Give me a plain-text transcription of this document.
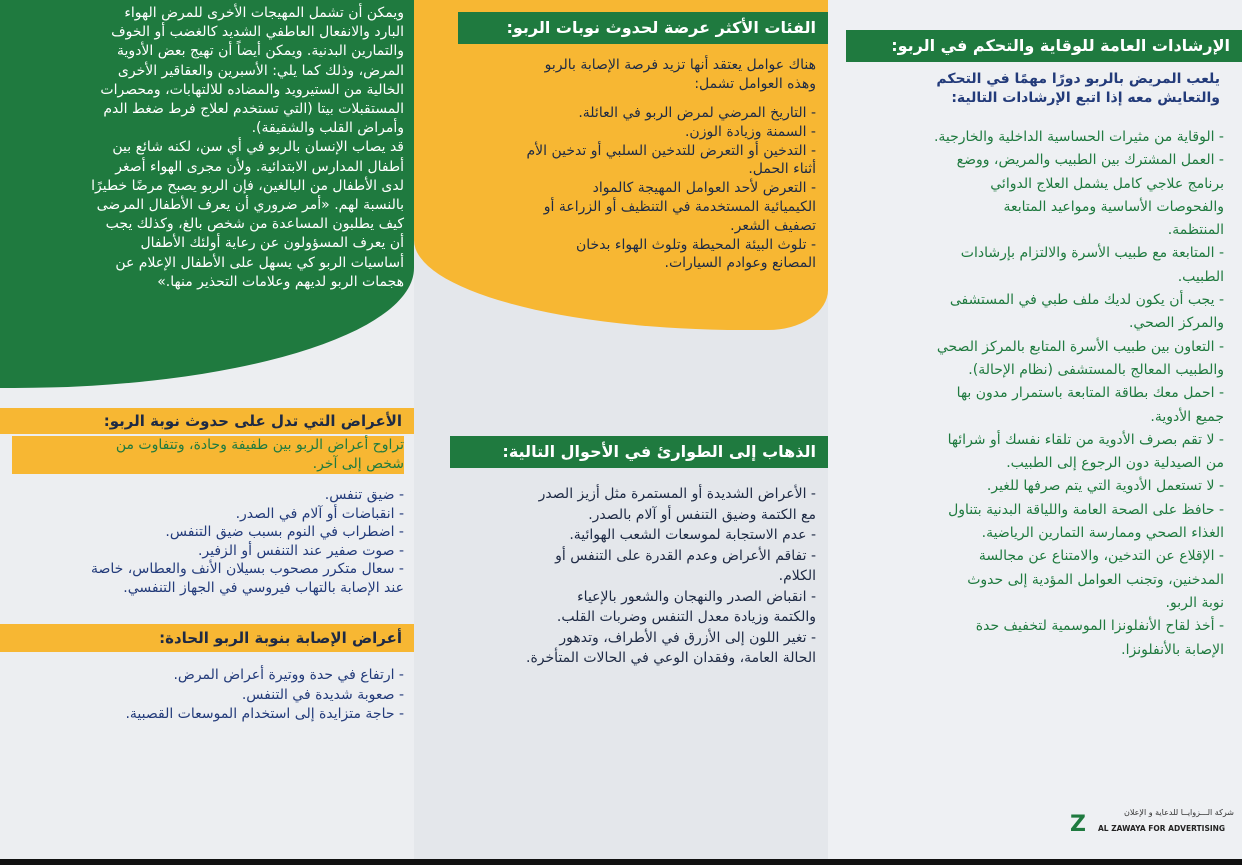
ويمكن أن تشمل المهيجات الأخرى للمرض الهواء
البارد والانفعال العاطفي الشديد كالغضب أو الخوف
والتمارين البدنية. ويمكن أيضاً أن تهيج بعض الأدوية
المرض، وذلك كما يلي: الأسبرين والعقاقير الأخرى
الخالية من الستيرويد والمضاده للالتهابات، ومحصرات
المستقبلات بيتا (التي تستخدم لعلاج فرط ضغط الدم
وأمراض القلب والشقيقة).
قد يصاب الإنسان بالربو في أي سن، لكنه شائع بين
أطفال المدارس الابتدائية. ولأن مجرى الهواء أصغر
لدى الأطفال من البالغين، فإن الربو يصبح مرضًا خطيرًا
بالنسبة لهم. «أمر ضروري أن يعرف الأطفال المرضى
كيف يطلبون المساعدة من شخص بالغ، وكذلك يجب
أن يعرف المسؤولون عن رعاية أولئك الأطفال
أساسيات الربو كي يسهل على الأطفال الإعلام عن
هجمات الربو لديهم وعلامات التحذير منها.»
الأعراض التي تدل على حدوث نوبة الربو:
تراوح أعراض الربو بين طفيفة وحادة، وتتفاوت من
شخص إلى آخر.
- ضيق تنفس.
- انقباضات أو آلام في الصدر.
- اضطراب في النوم بسبب ضيق التنفس.
- صوت صفير عند التنفس أو الزفير.
- سعال متكرر مصحوب بسيلان الأنف والعطاس، خاصة
عند الإصابة بالتهاب فيروسي في الجهاز التنفسي.
أعراض الإصابة بنوبة الربو الحادة:
- ارتفاع في حدة ووتيرة أعراض المرض.
- صعوبة شديدة في التنفس.
- حاجة متزايدة إلى استخدام الموسعات القصبية.
الفئات الأكثر عرضة لحدوث نوبات الربو:
هناك عوامل يعتقد أنها تزيد فرصة الإصابة بالربو
وهذه العوامل تشمل:
- التاريخ المرضي لمرض الربو في العائلة.
- السمنة وزيادة الوزن.
- التدخين أو التعرض للتدخين السلبي أو تدخين الأم
أثناء الحمل.
- التعرض لأحد العوامل المهيجة كالمواد
الكيميائية المستخدمة في التنظيف أو الزراعة أو
تصفيف الشعر.
- تلوث البيئة المحيطة وتلوث الهواء بدخان
المصانع وعوادم السيارات.
الذهاب إلى الطوارئ في الأحوال التالية:
- الأعراض الشديدة أو المستمرة مثل أزيز الصدر
مع الكتمة وضيق التنفس أو آلام بالصدر.
- عدم الاستجابة لموسعات الشعب الهوائية.
- تفاقم الأعراض وعدم القدرة على التنفس أو
الكلام.
- انقباض الصدر والنهجان والشعور بالإعياء
والكتمة وزيادة معدل التنفس وضربات القلب.
- تغير اللون إلى الأزرق في الأطراف، وتدهور
الحالة العامة، وفقدان الوعي في الحالات المتأخرة.
الإرشادات العامة للوقاية والتحكم في الربو:
يلعب المريض بالربو دورًا مهمًا في التحكم
والتعايش معه إذا اتبع الإرشادات التالية:
- الوقاية من مثيرات الحساسية الداخلية والخارجية.
- العمل المشترك بين الطبيب والمريض، ووضع
برنامج علاجي كامل يشمل العلاج الدوائي
والفحوصات الأساسية ومواعيد المتابعة
المنتظمة.
- المتابعة مع طبيب الأسرة والالتزام بإرشادات
الطبيب.
- يجب أن يكون لديك ملف طبي في المستشفى
والمركز الصحي.
- التعاون بين طبيب الأسرة المتابع بالمركز الصحي
والطبيب المعالج بالمستشفى (نظام الإحالة).
- احمل معك بطاقة المتابعة باستمرار مدون بها
جميع الأدوية.
- لا تقم بصرف الأدوية من تلقاء نفسك أو شرائها
من الصيدلية دون الرجوع إلى الطبيب.
- لا تستعمل الأدوية التي يتم صرفها للغير.
- حافظ على الصحة العامة واللياقة البدنية بتناول
الغذاء الصحي وممارسة التمارين الرياضية.
- الإقلاع عن التدخين، والامتناع عن مجالسة
المدخنين، وتجنب العوامل المؤدية إلى حدوث
نوبة الربو.
- أخذ لقاح الأنفلونزا الموسمية لتخفيف حدة
الإصابة بالأنفلونزا.
Z	شركة الـــزوايــا للدعاية و الإعلان
AL ZAWAYA FOR ADVERTISING
